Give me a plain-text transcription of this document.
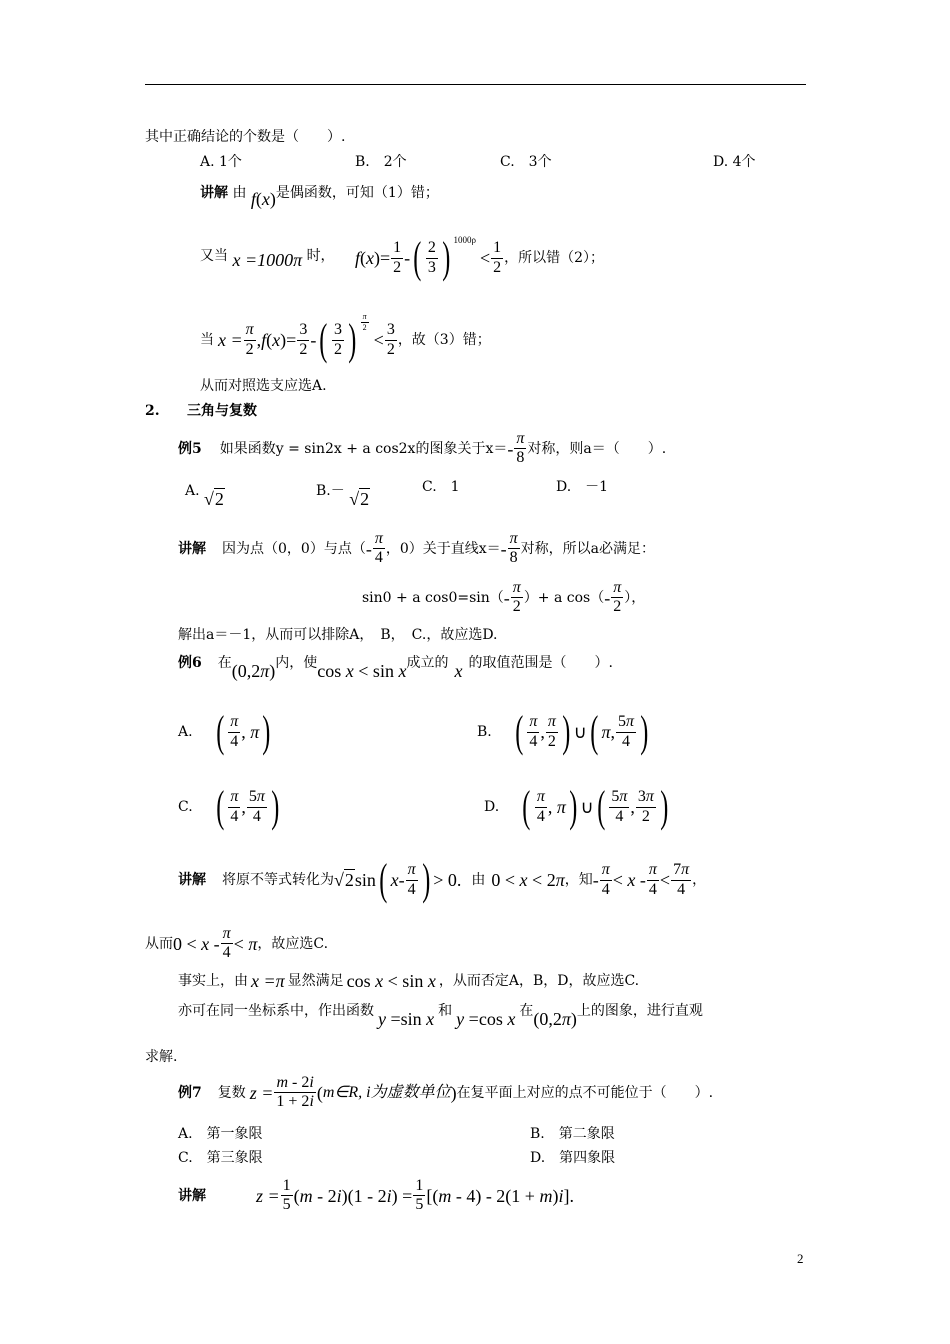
其中正确结论的个数是（　　）.
A. 1个	B.　2个	C.　3个	D. 4个
讲解 由 f(x)是偶函数，可知（1）错；
又当 x =1000π 时， $f(x)= \frac{1}{2}$ - ( $\frac{2}{3}$ ) 1000ρ
< $\frac{1}{2}$ ，所以错（2）；
当 $x = \frac{\pi}{2}$ , $f(x)= \frac{3}{2}$ - ( $\frac{3}{2}$ ) $\frac{\pi}{2}$
< $\frac{3}{2}$ ，故（3）错；
从而对照选支应选A.
2. 三角与复数
例5 如果函数y = sin2x + a cos2x的图象关于$x= - \frac{\pi}{8}$ 对称，则a＝（　　）.
A. √2	B.－ √2
C.　1	D.　－1
讲解 因为点（0，0）与点（ - $\frac{\pi}{4}$ ，0）关于直线$x= - \frac{\pi}{8}$ 对称，所以a必满足：
sin0 + a $\cos 0=\sin( - \frac{\pi}{2}$ ）+ a $\cos( - \frac{\pi}{2}$ ），
解出a＝－1，从而可以排除A，　B，　C.，故应选D.
例6 在 (0,2π) 内，使 cos x < sin x 成立的 x 的取值范围是（　　）.
A. ( $\frac{\pi}{4}$ , π )	B. ( $\frac{\pi}{4}$ , $\frac{\pi}{2}$ ) ∪ ( π , $\frac{5\pi}{4}$ )
C. ( $\frac{\pi}{4}$ , $\frac{5\pi}{4}$ )	D. ( $\frac{\pi}{4}$ , π ) ∪ ( $\frac{5\pi}{4}$ , $\frac{3\pi}{2}$ )
讲解 将原不等式转化为 √2 sin ( x - $\frac{\pi}{4}$ ) > 0. 由 0 < x < 2π ，知 - $\frac{\pi}{4} < x - \frac{\pi}{4} < \frac{7\pi}{4}$ ，
从而 $0 < x - \frac{\pi}{4} < \pi$ ，故应选C.
事实上，由 x =π 显然满足 cos x < sin x ，从而否定A，B，D，故应选C.
亦可在同一坐标系中，作出函数 y =sin x 和 y =cos x 在 (0,2π) 上的图象，进行直观
求解.
例7 复数 $z = \frac{m - 2i}{1 + 2i}$ ( m∈R, i为虚数单位 ) 在复平面上对应的点不可能位于（　　）.
A.　第一象限	B.　第二象限
C.　第三象限	D.　第四象限
讲解	$z = \frac{1}{5} (m - 2i)(1 - 2i) = \frac{1}{5} [(m - 4) - 2(1 + m)i]$.
2
